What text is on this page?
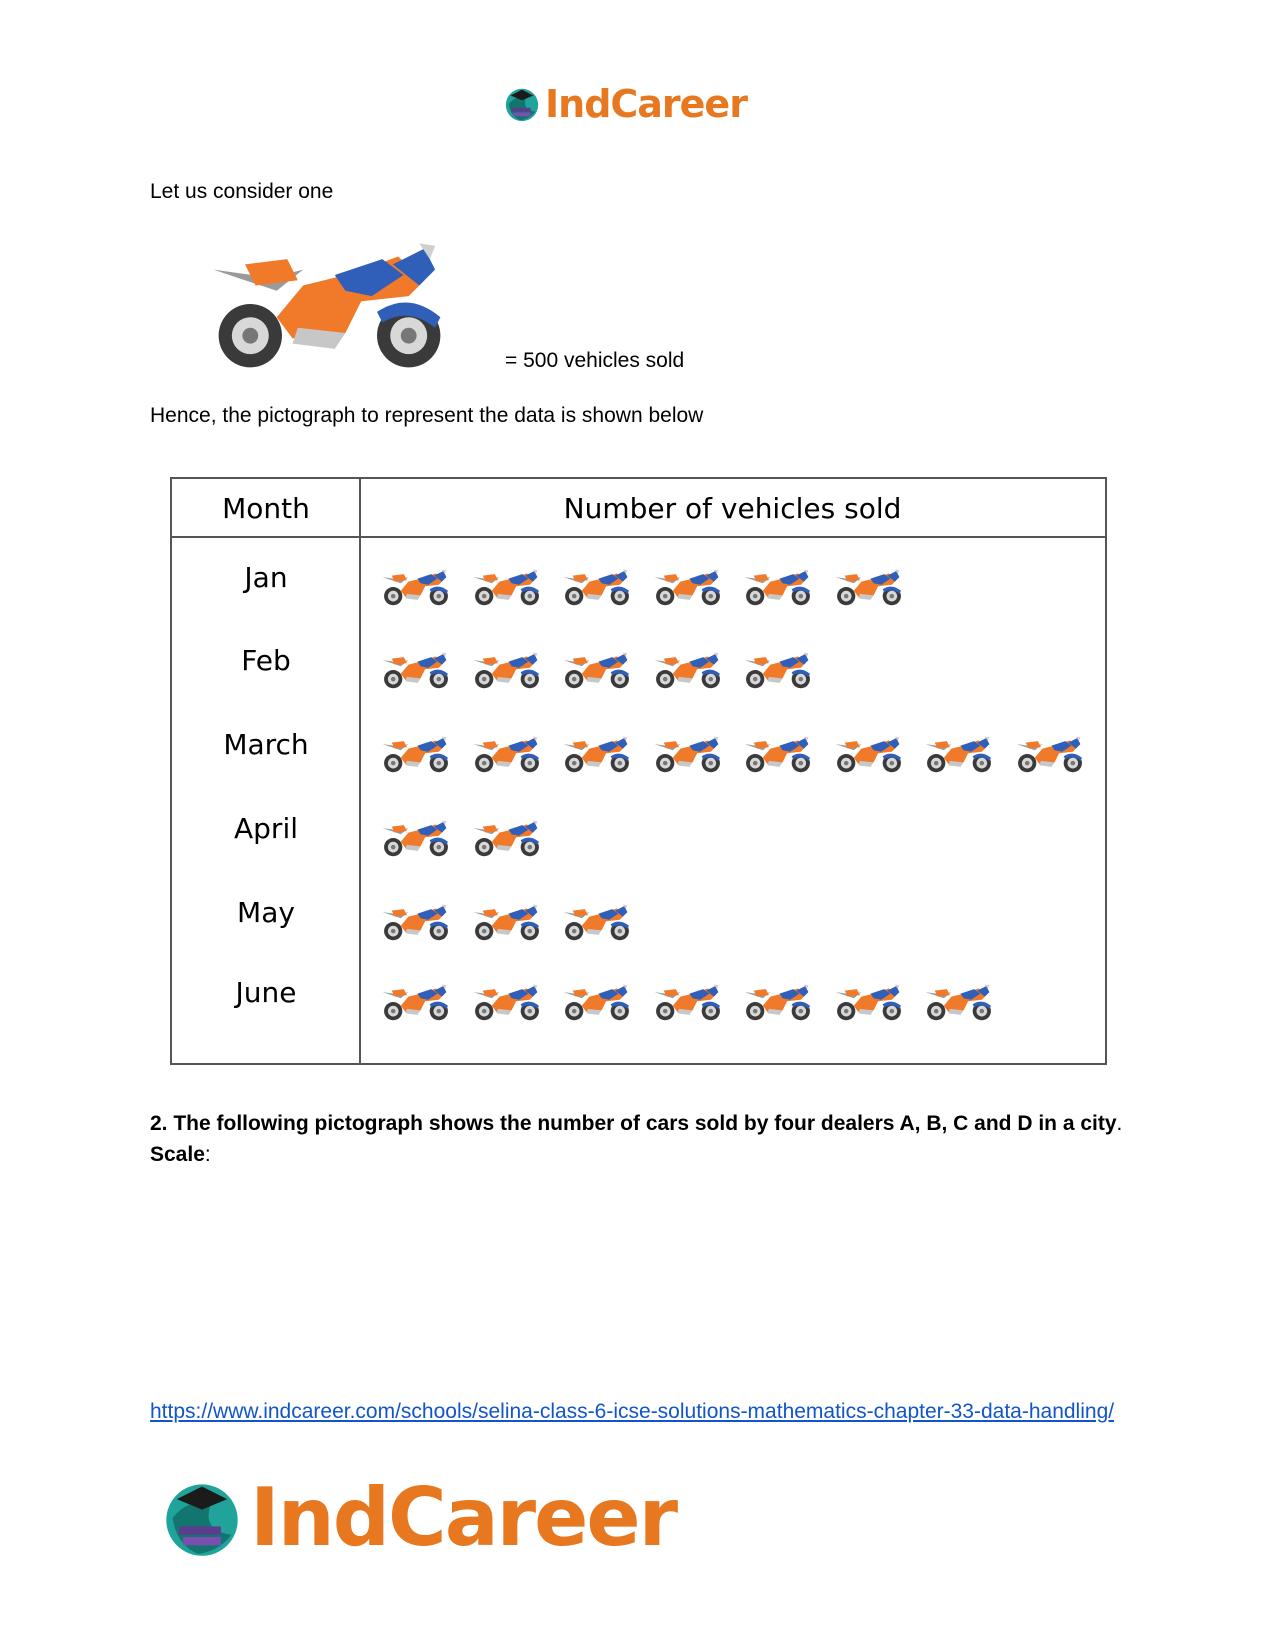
IndCareer
Let us consider one
= 500 vehicles sold
Hence, the pictograph to represent the data is shown below
Month	Number of vehicles sold
Jan
Feb
March
April
May
June
2. The following pictograph shows the number of cars sold by four dealers A, B, C and D in a city. Scale:
https://www.indcareer.com/schools/selina-class-6-icse-solutions-mathematics-chapter-33-data-handling/
IndCareer
